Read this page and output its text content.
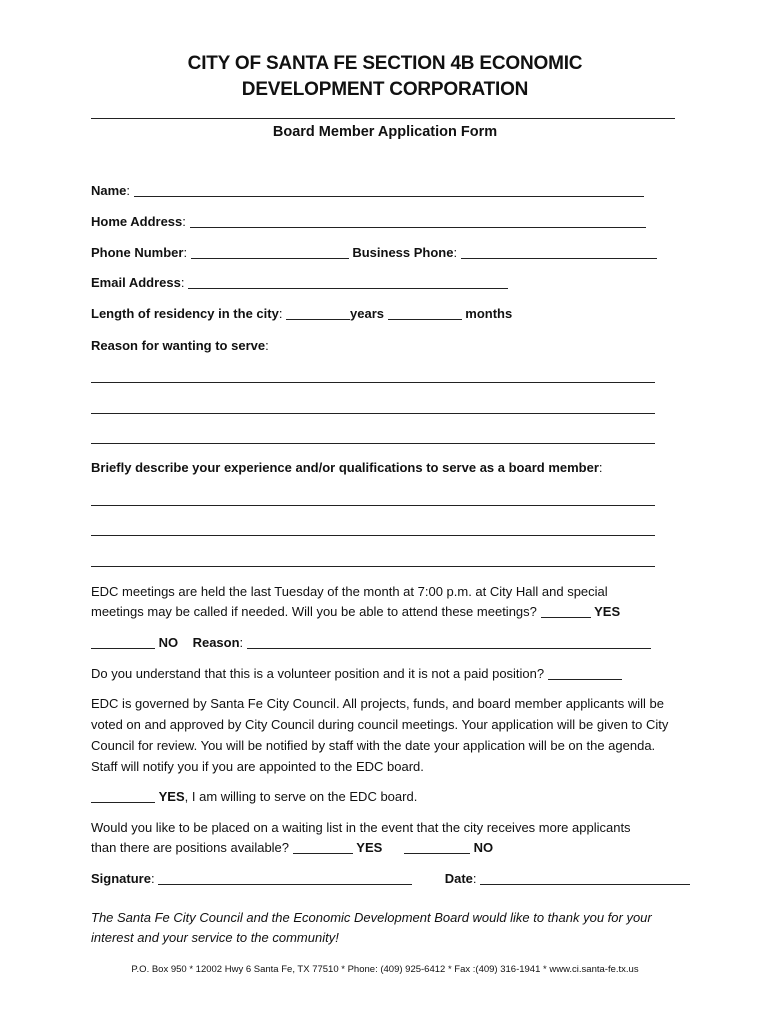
CITY OF SANTA FE SECTION 4B ECONOMIC
DEVELOPMENT CORPORATION
Board Member Application Form
Name:
Home Address:
Phone Number:	Business Phone:
Email Address:
Length of residency in the city:	years	months
Reason for wanting to serve:
Briefly describe your experience and/or qualifications to serve as a board member:
EDC meetings are held the last Tuesday of the month at 7:00 p.m. at City Hall and special
meetings may be called if needed. Will you be able to attend these meetings?	YES
NO Reason:
Do you understand that this is a volunteer position and it is not a paid position?
EDC is governed by Santa Fe City Council. All projects, funds, and board member applicants will be voted on and approved by City Council during council meetings. Your application will be given to City Council for review. You will be notified by staff with the date your application will be on the agenda. Staff will notify you if you are appointed to the EDC board.
YES, I am willing to serve on the EDC board.
Would you like to be placed on a waiting list in the event that the city receives more applicants
than there are positions available?	YES	NO
Signature:	Date:
The Santa Fe City Council and the Economic Development Board would like to thank you for your interest and your service to the community!
P.O. Box 950 * 12002 Hwy 6 Santa Fe, TX 77510 * Phone: (409) 925-6412 * Fax :(409) 316-1941 * www.ci.santa-fe.tx.us
